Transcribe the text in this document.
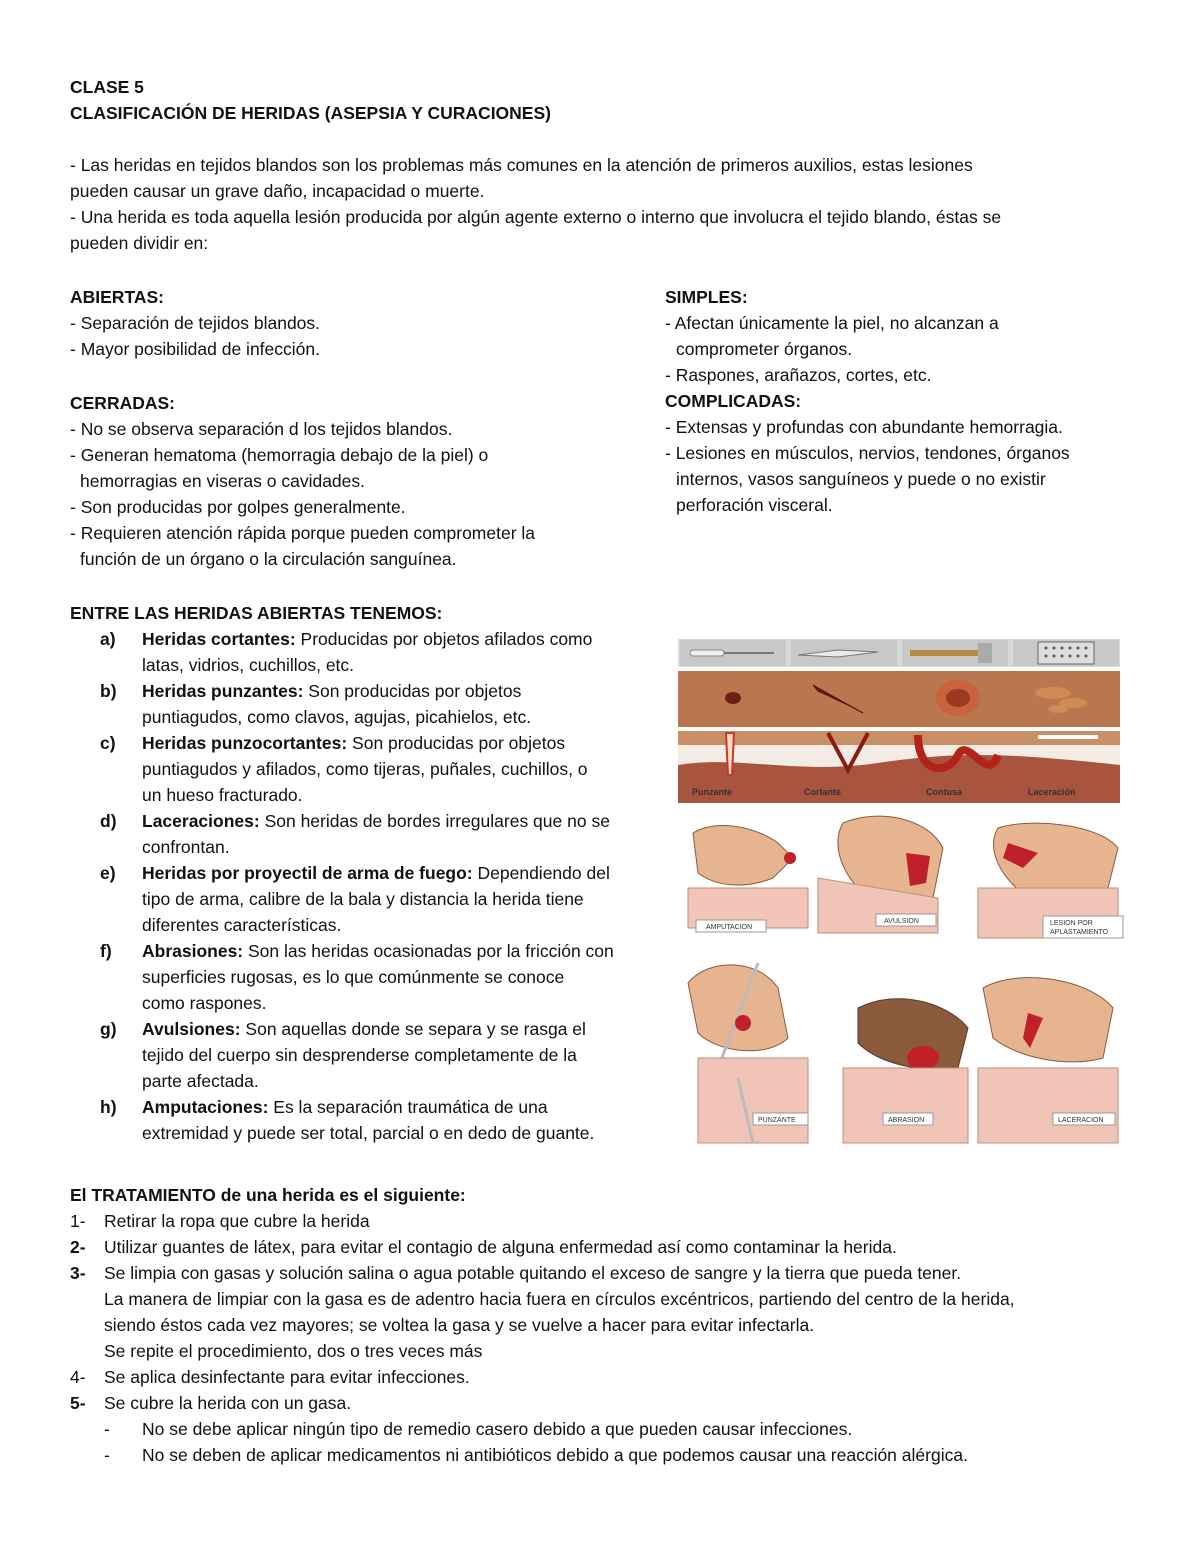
CLASE 5
CLASIFICACIÓN DE HERIDAS (ASEPSIA Y CURACIONES)
- Las heridas en tejidos blandos son los problemas más comunes en la atención de primeros auxilios, estas lesiones
pueden causar un grave daño, incapacidad o muerte.
- Una herida es toda aquella lesión producida por algún agente externo o interno que involucra el tejido blando, éstas se
pueden dividir en:
ABIERTAS:
- Separación de tejidos blandos.
- Mayor posibilidad de infección.
CERRADAS:
- No se observa separación d los tejidos blandos.
- Generan hematoma (hemorragia debajo de la piel) o
hemorragias en viseras o cavidades.
- Son producidas por golpes generalmente.
- Requieren atención rápida porque pueden comprometer la
función de un órgano o la circulación sanguínea.
SIMPLES:
- Afectan únicamente la piel, no alcanzan a
comprometer órganos.
- Raspones, arañazos, cortes, etc.
COMPLICADAS:
- Extensas y profundas con abundante hemorragia.
- Lesiones en músculos, nervios, tendones, órganos
internos, vasos sanguíneos y puede o no existir
perforación visceral.
ENTRE LAS HERIDAS ABIERTAS TENEMOS:
a)	Heridas cortantes: Producidas por objetos afilados como
latas, vidrios, cuchillos, etc.
b)	Heridas punzantes: Son producidas por objetos
puntiagudos, como clavos, agujas, picahielos, etc.
c)	Heridas punzocortantes: Son producidas por objetos
puntiagudos y afilados, como tijeras, puñales, cuchillos, o
un hueso fracturado.
d)	Laceraciones: Son heridas de bordes irregulares que no se
confrontan.
e)	Heridas por proyectil de arma de fuego: Dependiendo del
tipo de arma, calibre de la bala y distancia la herida tiene
diferentes características.
f)	Abrasiones: Son las heridas ocasionadas por la fricción con
superficies rugosas, es lo que comúnmente se conoce
como raspones.
g)	Avulsiones: Son aquellas donde se separa y se rasga el
tejido del cuerpo sin desprenderse completamente de la
parte afectada.
h)	Amputaciones: Es la separación traumática de una
extremidad y puede ser total, parcial o en dedo de guante.
Punzante	Cortante	Contusa	Laceración
AMPUTACION
AVULSION	LESION POR
APLASTAMIENTO
PUNZANTE	ABRASION	LACERACION
El TRATAMIENTO de una herida es el siguiente:
1-	Retirar la ropa que cubre la herida
2-	Utilizar guantes de látex, para evitar el contagio de alguna enfermedad así como contaminar la herida.
3-	Se limpia con gasas y solución salina o agua potable quitando el exceso de sangre y la tierra que pueda tener.
La manera de limpiar con la gasa es de adentro hacia fuera en círculos excéntricos, partiendo del centro de la herida,
siendo éstos cada vez mayores; se voltea la gasa y se vuelve a hacer para evitar infectarla.
Se repite el procedimiento, dos o tres veces más
4-	Se aplica desinfectante para evitar infecciones.
5-	Se cubre la herida con un gasa.
- No se debe aplicar ningún tipo de remedio casero debido a que pueden causar infecciones.
- No se deben de aplicar medicamentos ni antibióticos debido a que podemos causar una reacción alérgica.
